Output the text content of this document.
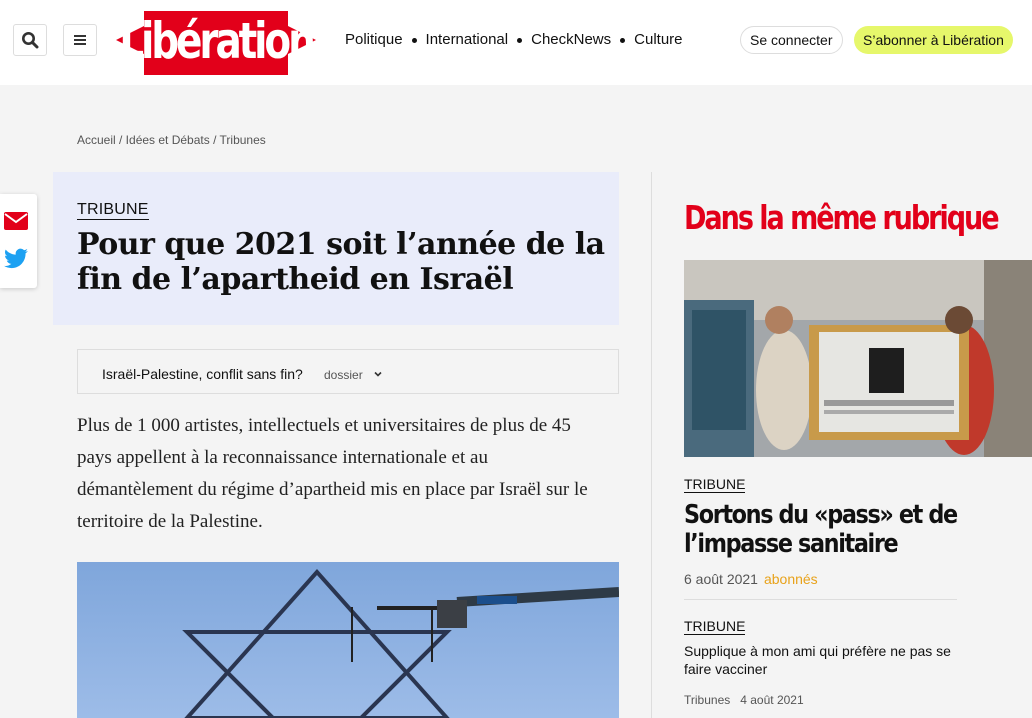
Libération Politique International CheckNews Culture	Se connecter	S’abonner à Libération
Accueil / Idées et Débats / Tribunes
TRIBUNE
Pour que 2021 soit l’année de la fin de l’apartheid en Israël
Israël-Palestine, conflit sans fin? dossier
Plus de 1 000 artistes, intellectuels et universitaires de plus de 45 pays appellent à la reconnaissance internationale et au démantèlement du régime d’apartheid mis en place par Israël sur le territoire de la Palestine.
Dans la même rubrique
TRIBUNE
Sortons du «pass» et de l’impasse sanitaire
6 août 2021 abonnés
TRIBUNE
Supplique à mon ami qui préfère ne pas se faire vacciner
Tribunes 4 août 2021
